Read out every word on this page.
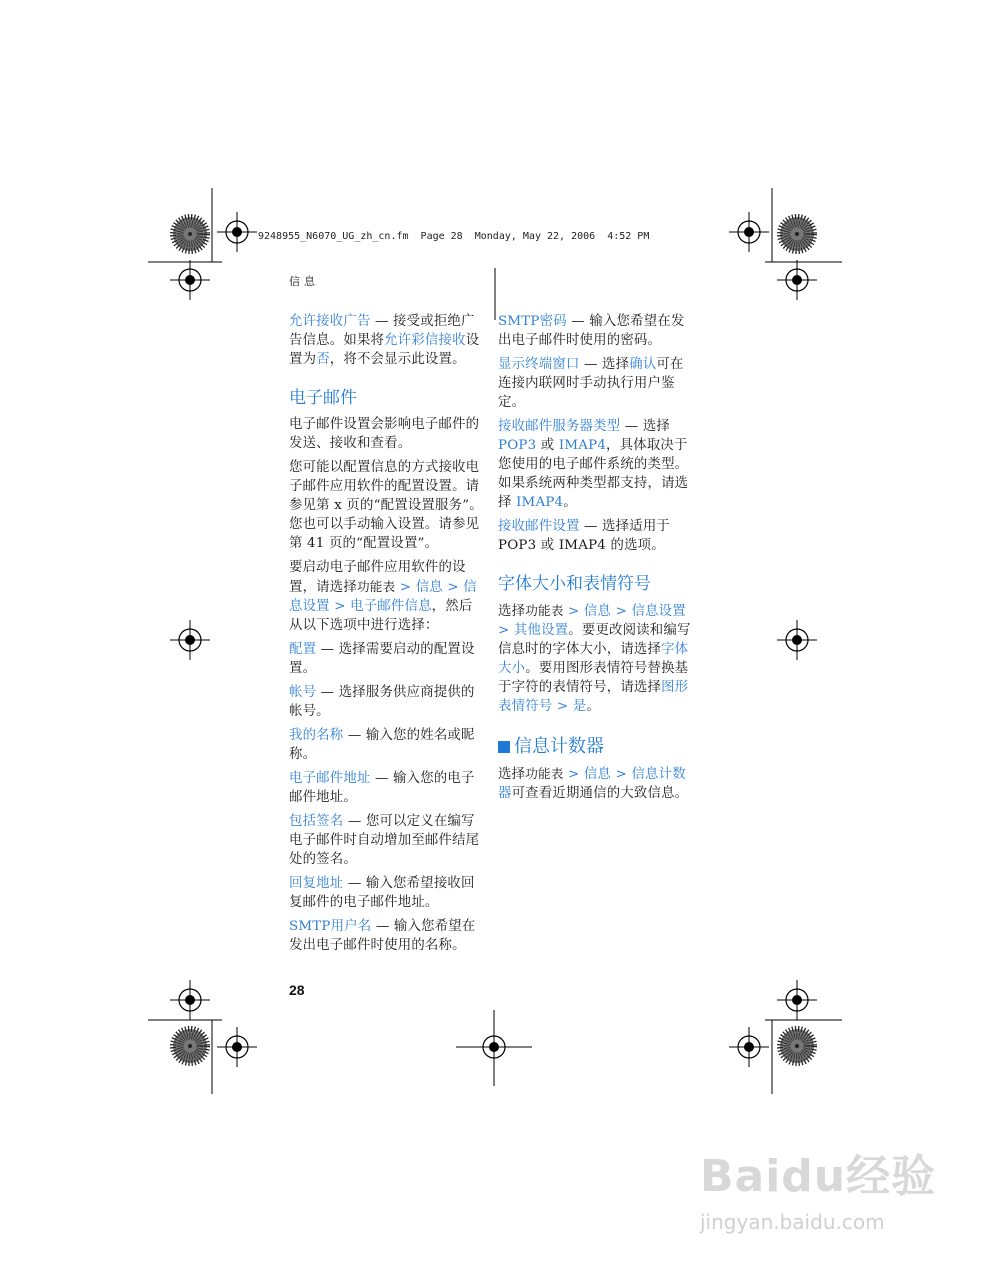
9248955_N6070_UG_zh_cn.fm  Page 28  Monday, May 22, 2006  4:52 PM
信息

允许接收广告 — 接受或拒绝广告信息。如果将允许彩信接收设置为否，将不会显示此设置。

电子邮件

电子邮件设置会影响电子邮件的发送、接收和查看。

您可能以配置信息的方式接收电子邮件应用软件的配置设置。请参见第 x 页的“配置设置服务”。您也可以手动输入设置。请参见第 41 页的“配置设置”。

要启动电子邮件应用软件的设置，请选择功能表 > 信息 > 信息设置 > 电子邮件信息，然后从以下选项中进行选择：

配置 — 选择需要启动的配置设置。

帐号 — 选择服务供应商提供的帐号。

我的名称 — 输入您的姓名或昵称。

电子邮件地址 — 输入您的电子邮件地址。

包括签名 — 您可以定义在编写电子邮件时自动增加至邮件结尾处的签名。

回复地址 — 输入您希望接收回复邮件的电子邮件地址。

SMTP用户名 — 输入您希望在发出电子邮件时使用的名称。

SMTP密码 — 输入您希望在发出电子邮件时使用的密码。

显示终端窗口 — 选择确认可在连接内联网时手动执行用户鉴定。

接收邮件服务器类型 — 选择POP3 或 IMAP4，具体取决于您使用的电子邮件系统的类型。如果系统两种类型都支持，请选择 IMAP4。

接收邮件设置 — 选择适用于 POP3 或 IMAP4 的选项。

字体大小和表情符号

选择功能表 > 信息 > 信息设置 > 其他设置。要更改阅读和编写信息时的字体大小，请选择字体大小。要用图形表情符号替换基于字符的表情符号，请选择图形表情符号 > 是。

信息计数器

选择功能表 > 信息 > 信息计数器可查看近期通信的大致信息。

28
Baidu经验
jingyan.baidu.com
